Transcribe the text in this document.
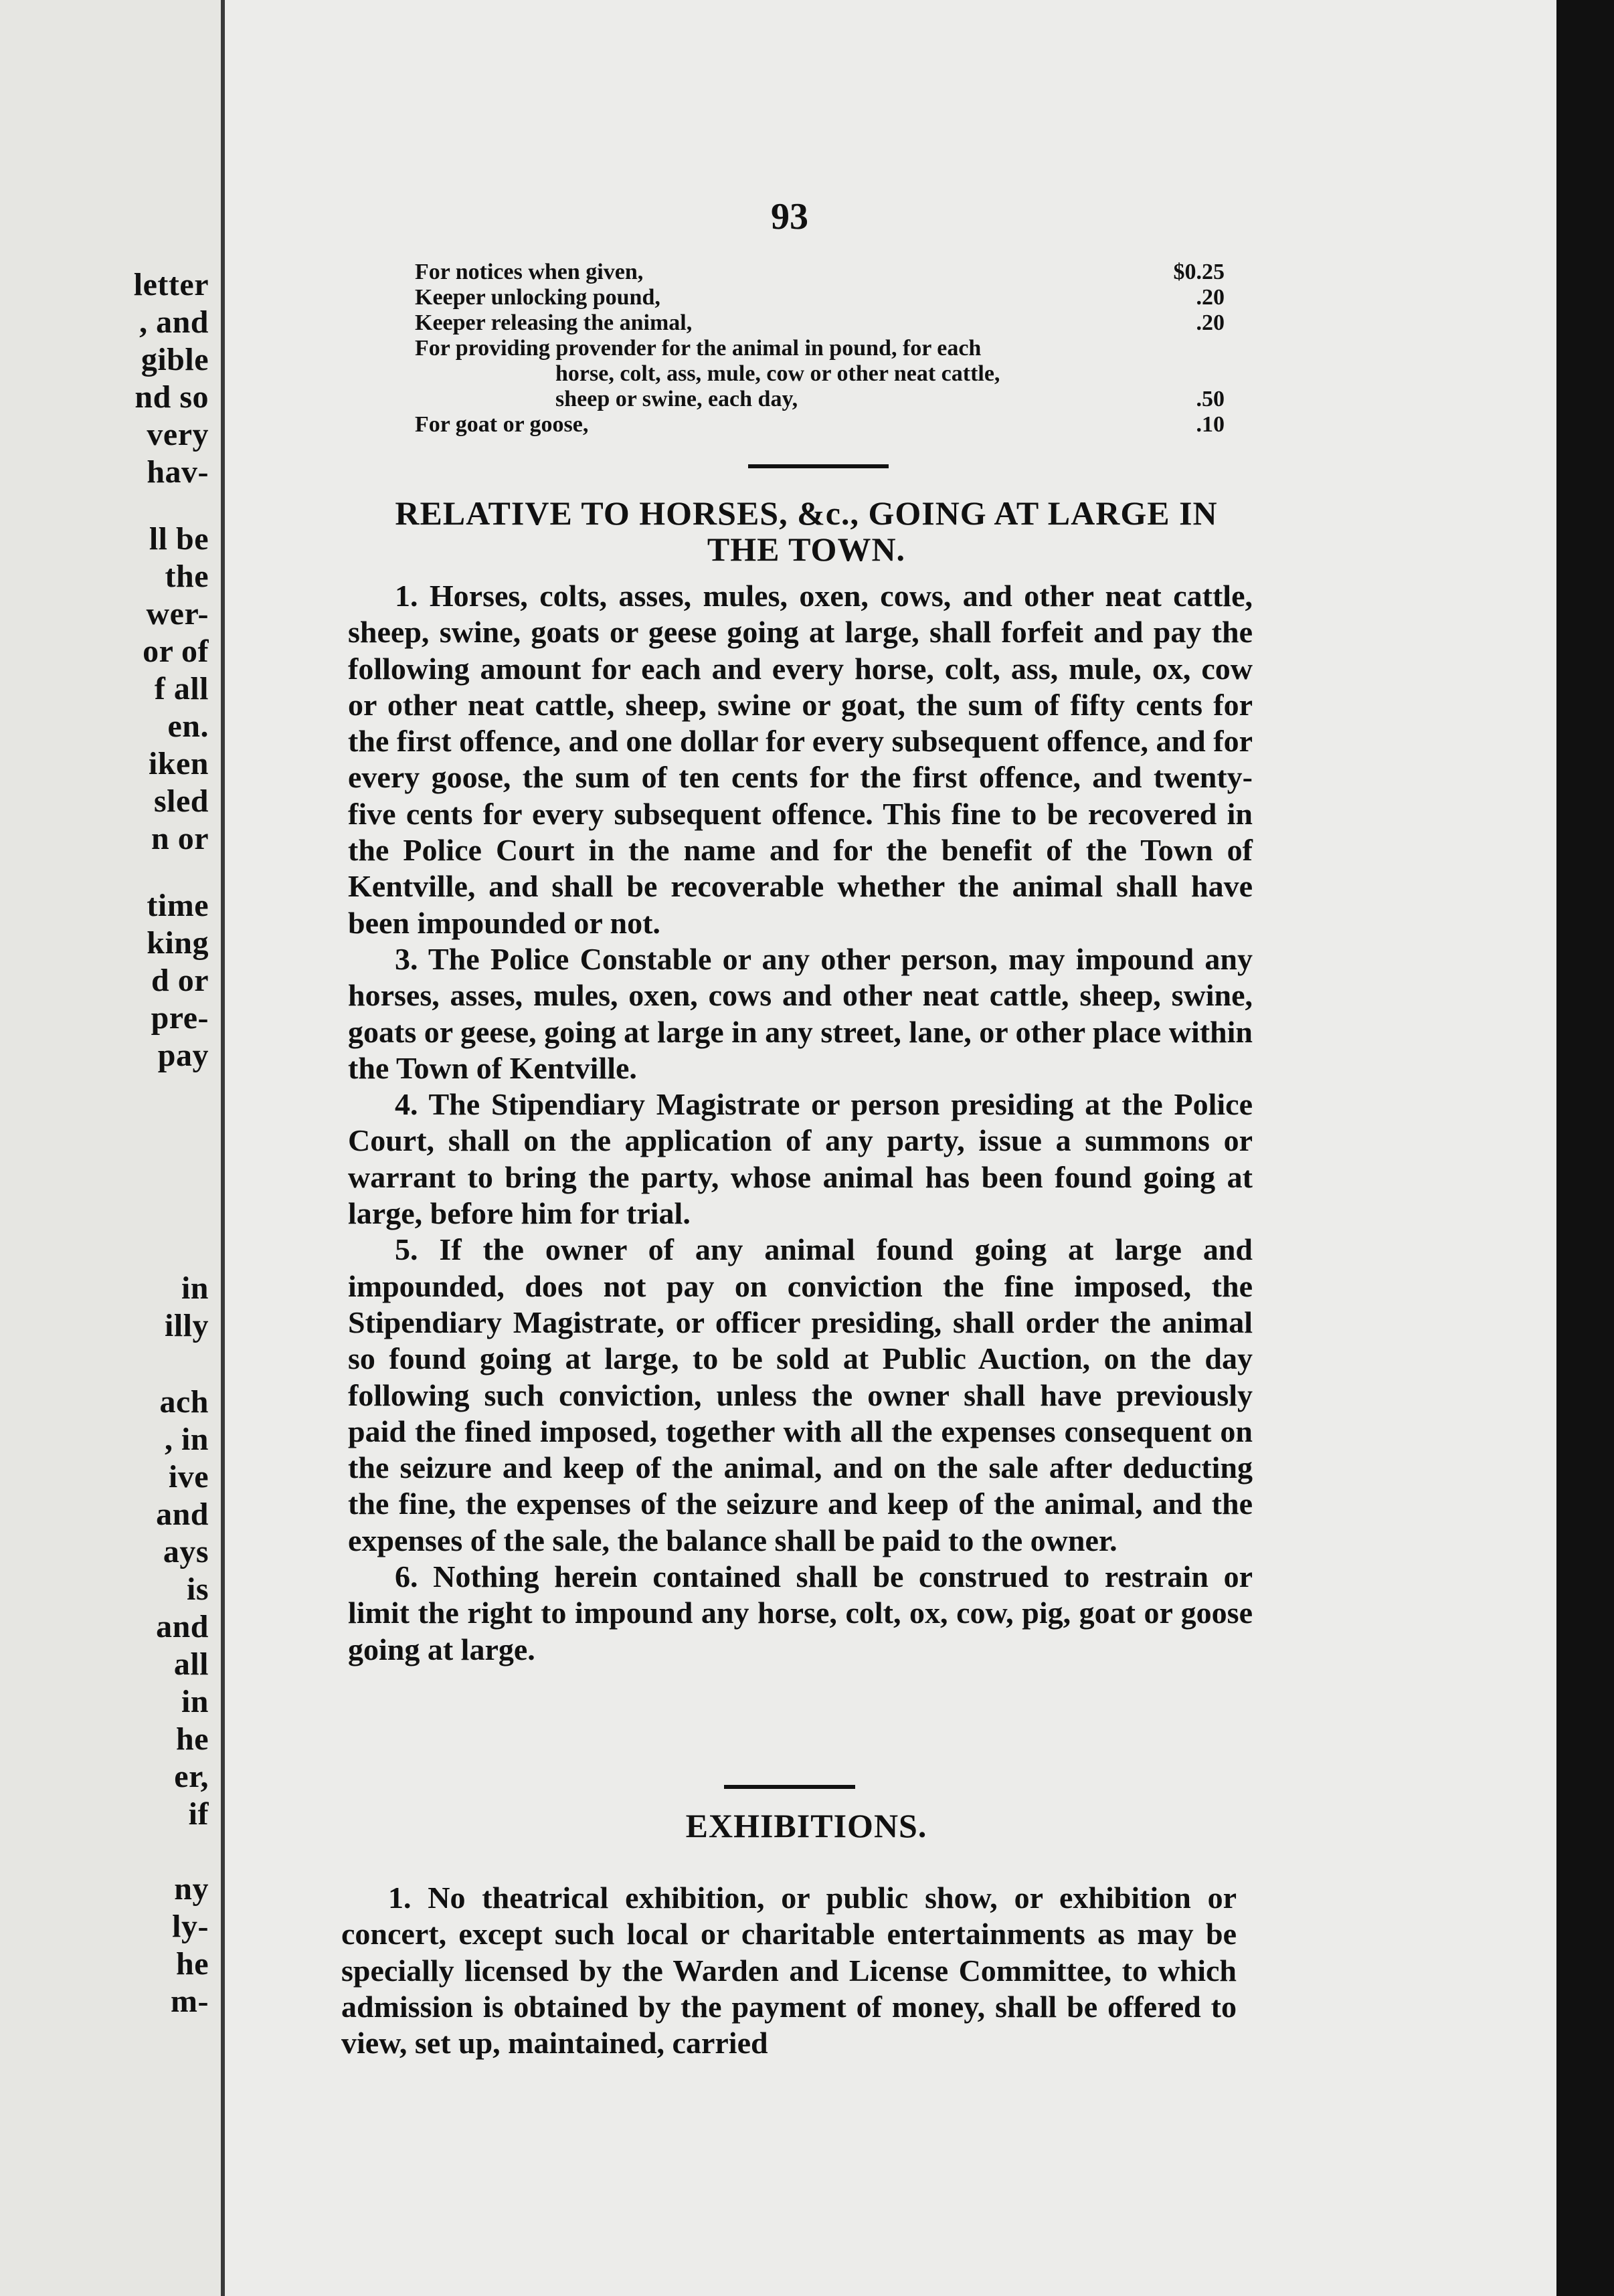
letter
, and
gible
nd so
very
hav-
ll be
the
wer-
or of
f all
en.
iken
sled
n or
time
king
d or
pre-
pay
in
illy
ach
, in
ive
and
ays
is
and
all
in
he
er,
if
ny
ly-
he
m-
93
For notices when given,	$0.25
Keeper unlocking pound,	.20
Keeper releasing the animal,	.20
For providing provender for the animal in pound, for each
horse, colt, ass, mule, cow or other neat cattle,
sheep or swine, each day,	.50
For goat or goose,	.10
RELATIVE TO HORSES, &c., GOING AT LARGE IN THE TOWN.

1. Horses, colts, asses, mules, oxen, cows, and other neat cattle, sheep, swine, goats or geese going at large, shall forfeit and pay the following amount for each and every horse, colt, ass, mule, ox, cow or other neat cattle, sheep, swine or goat, the sum of fifty cents for the first offence, and one dollar for every subsequent offence, and for every goose, the sum of ten cents for the first offence, and twenty-five cents for every subsequent offence. This fine to be recovered in the Police Court in the name and for the benefit of the Town of Kentville, and shall be recoverable whether the animal shall have been impounded or not.

3. The Police Constable or any other person, may impound any horses, asses, mules, oxen, cows and other neat cattle, sheep, swine, goats or geese, going at large in any street, lane, or other place within the Town of Kentville.

4. The Stipendiary Magistrate or person presiding at the Police Court, shall on the application of any party, issue a summons or warrant to bring the party, whose animal has been found going at large, before him for trial.

5. If the owner of any animal found going at large and impounded, does not pay on conviction the fine imposed, the Stipendiary Magistrate, or officer presiding, shall order the animal so found going at large, to be sold at Public Auction, on the day following such conviction, unless the owner shall have previously paid the fined imposed, together with all the expenses consequent on the seizure and keep of the animal, and on the sale after deducting the fine, the expenses of the seizure and keep of the animal, and the expenses of the sale, the balance shall be paid to the owner.

6. Nothing herein contained shall be construed to restrain or limit the right to impound any horse, colt, ox, cow, pig, goat or goose going at large.

EXHIBITIONS.

1. No theatrical exhibition, or public show, or exhibition or concert, except such local or charitable entertainments as may be specially licensed by the Warden and License Committee, to which admission is obtained by the payment of money, shall be offered to view, set up, maintained, carried
